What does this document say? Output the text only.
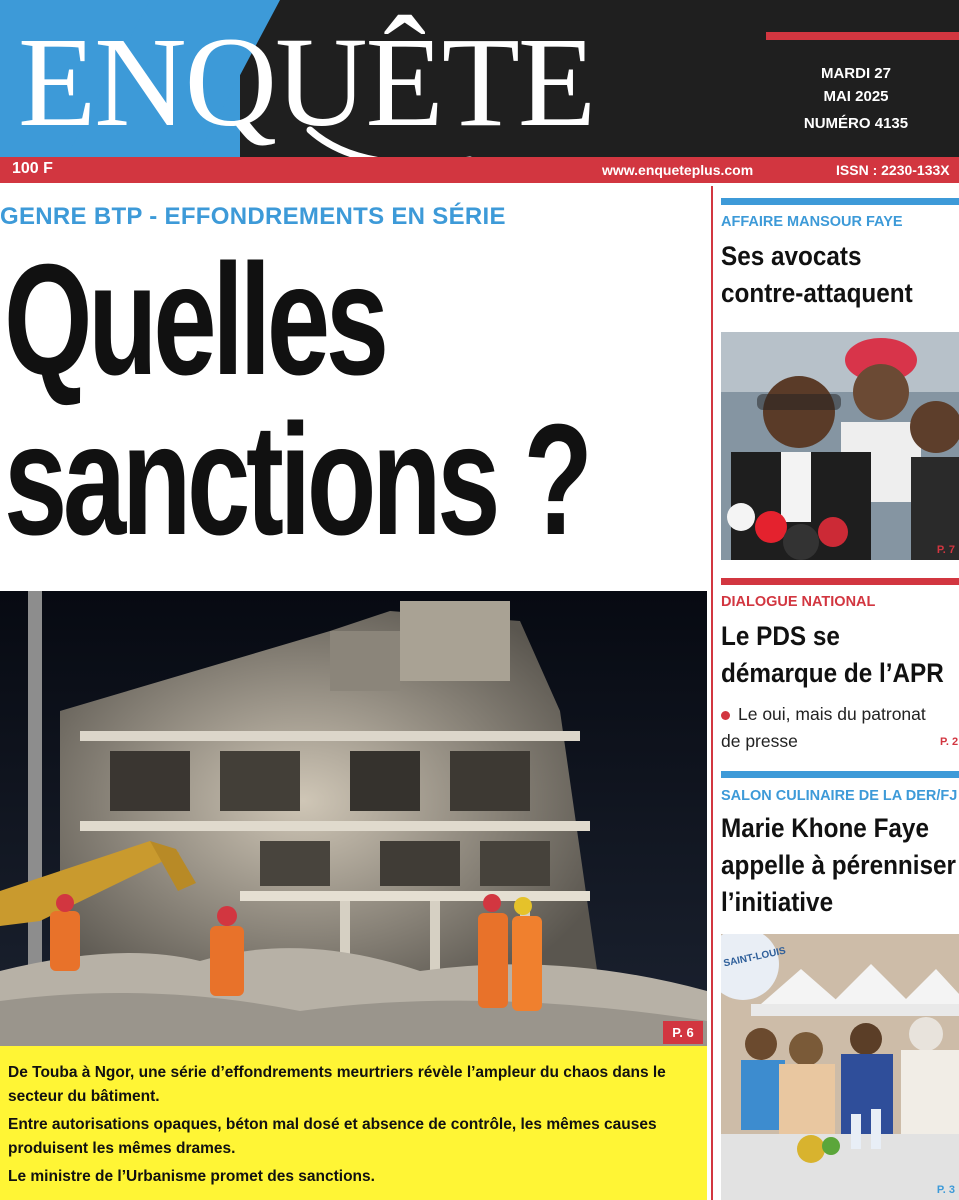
ENQUÊTE	MARDI 27
MAI 2025
NUMÉRO 4135
100 F	www.enqueteplus.com	ISSN : 2230-133X
GENRE BTP - EFFONDREMENTS EN SÉRIE
Quelles
sanctions ?
P. 6
De Touba à Ngor, une série d’effondrements meurtriers révèle l’ampleur du chaos dans le
secteur du bâtiment.
Entre autorisations opaques, béton mal dosé et absence de contrôle, les mêmes causes
produisent les mêmes drames.
Le ministre de l’Urbanisme promet des sanctions.
AFFAIRE MANSOUR FAYE
Ses avocats
contre-attaquent
P. 7
DIALOGUE NATIONAL
Le PDS se
démarque de l’APR
Le oui, mais du patronat
de presse	P. 2
SALON CULINAIRE DE LA DER/FJ
Marie Khone Faye
appelle à pérenniser
l’initiative
SAINT-LOUIS
P. 3
